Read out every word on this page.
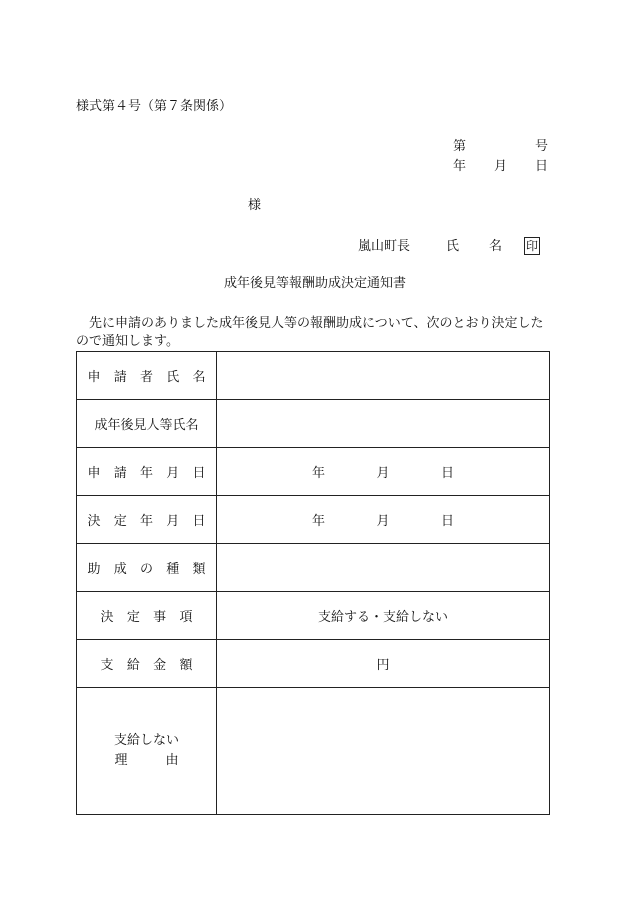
様式第４号（第７条関係）
第	号
年 月 日
様
嵐山町長	氏 名 印
成年後見等報酬助成決定通知書
先に申請のありました成年後見人等の報酬助成について、次のとおり決定したので通知します。
申 請 者 氏 名	

成年後見人等氏名	

申 請 年 月 日	年 月 日

決 定 年 月 日	年 月 日

助 成 の 種 類	

決 定 事 項	支給する・支給しない

支 給 金 額	円

支給しない
理 由	
